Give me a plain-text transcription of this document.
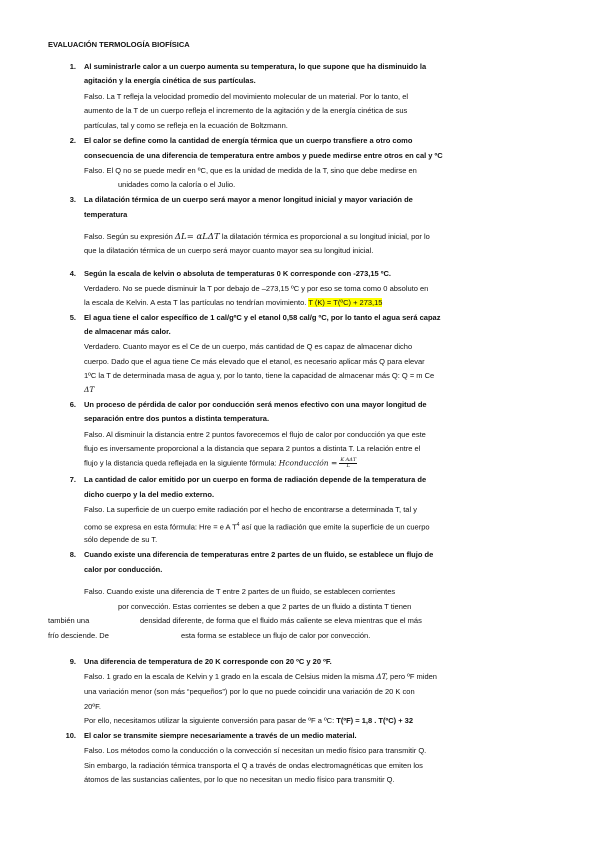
EVALUACIÓN TERMOLOGÍA BIOFÍSICA
1. Al suministrarle calor a un cuerpo aumenta su temperatura, lo que supone que ha disminuido la
agitación y la energía cinética de sus partículas.
Falso. La T refleja la velocidad promedio del movimiento molecular de un material. Por lo tanto, el
aumento de la T de un cuerpo refleja el incremento de la agitación y de la energía cinética de sus
partículas, tal y como se refleja en la ecuación de Boltzmann.
2. El calor se define como la cantidad de energía térmica que un cuerpo transfiere a otro como
consecuencia de una diferencia de temperatura entre ambos y puede medirse entre otros en cal y ºC
Falso. El Q no se puede medir en ºC, que es la unidad de medida de la T, sino que debe medirse en
unidades como la caloría o el Julio.
3. La dilatación térmica de un cuerpo será mayor a menor longitud inicial y mayor variación de
temperatura
Falso. Según su expresión ΔL= αLΔT la dilatación térmica es proporcional a su longitud inicial, por lo
que la dilatación térmica de un cuerpo será mayor cuanto mayor sea su longitud inicial.
4. Según la escala de kelvin o absoluta de temperaturas 0 K corresponde con -273,15 ºC.
Verdadero. No se puede disminuir la T por debajo de –273,15 ºC y por eso se toma como 0 absoluto en
la escala de Kelvin. A esta T las partículas no tendrían movimiento. T (K) = T(ºC) + 273,15
5. El agua tiene el calor específico de 1 cal/gºC y el etanol 0,58 cal/g ºC, por lo tanto el agua será capaz
de almacenar más calor.
Verdadero. Cuanto mayor es el Ce de un cuerpo, más cantidad de Q es capaz de almacenar dicho
cuerpo. Dado que el agua tiene Ce más elevado que el etanol, es necesario aplicar más Q para elevar
1ºC la T de determinada masa de agua y, por lo tanto, tiene la capacidad de almacenar más Q: Q = m Ce
ΔT
6. Un proceso de pérdida de calor por conducción será menos efectivo con una mayor longitud de
separación entre dos puntos a distinta temperatura.
Falso. Al disminuir la distancia entre 2 puntos favorecemos el flujo de calor por conducción ya que este
flujo es inversamente proporcional a la distancia que separa 2 puntos a distinta T. La relación entre el
flujo y la distancia queda reflejada en la siguiente fórmula: Hconducción = $\frac{\text{K AΔT}}{L}$
7. La cantidad de calor emitido por un cuerpo en forma de radiación depende de la temperatura de
dicho cuerpo y la del medio externo.
Falso. La superficie de un cuerpo emite radiación por el hecho de encontrarse a determinada T, tal y
como se expresa en esta fórmula: Hre = e A $T^4$ así que la radiación que emite la superficie de un cuerpo
sólo depende de su T.
8. Cuando existe una diferencia de temperaturas entre 2 partes de un fluido, se establece un flujo de
calor por conducción.
Falso. Cuando existe una diferencia de T entre 2 partes de un fluido, se establecen corrientes
por convección. Estas corrientes se deben a que 2 partes de un fluido a distinta T tienen
también una	densidad diferente, de forma que el fluido más caliente se eleva mientras que el más
frío desciende. De	esta forma se establece un flujo de calor por convección.
9. Una diferencia de temperatura de 20 K corresponde con 20 ºC y 20 ºF.
Falso. 1 grado en la escala de Kelvin y 1 grado en la escala de Celsius miden la misma ΔT, pero ºF miden
una variación menor (son más “pequeños”) por lo que no puede coincidir una variación de 20 K con
20ºF.
Por ello, necesitamos utilizar la siguiente conversión para pasar de ºF a ºC: T(ºF) = 1,8 . T(ºC) + 32
10. El calor se transmite siempre necesariamente a través de un medio material.
Falso. Los métodos como la conducción o la convección sí necesitan un medio físico para transmitir Q.
Sin embargo, la radiación térmica transporta el Q a través de ondas electromagnéticas que emiten los
átomos de las sustancias calientes, por lo que no necesitan un medio físico para transmitir Q.
